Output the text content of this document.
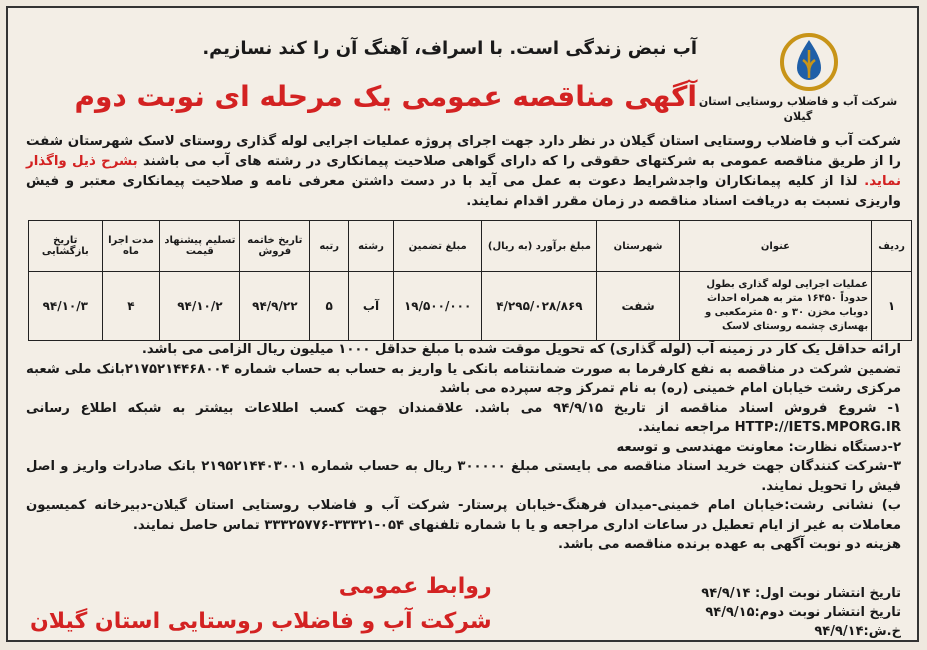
شرکت آب و فاضلاب روستایی استان گیلان
آب نبض زندگی است. با اسراف، آهنگ آن را کند نسازیم.
آگهی مناقصه عمومی یک مرحله ای نوبت دوم
شرکت آب و فاضلاب روستایی استان گیلان در نظر دارد جهت اجرای پروژه عملیات اجرایی لوله گذاری روستای لاسک شهرستان شفت را از طریق مناقصه عمومی به شرکتهای حقوقی را که دارای گواهی صلاحیت پیمانکاری در رشته های آب می باشند بشرح ذیل واگذار نماید. لذا از کلیه پیمانکاران واجدشرایط دعوت به عمل می آید با در دست داشتن معرفی نامه و صلاحیت پیمانکاری معتبر و فیش واریزی نسبت به دریافت اسناد مناقصه در زمان مقرر اقدام نمایند.
ردیف	عنوان	شهرستان	مبلغ برآورد (به ریال)	مبلغ تضمین	رشته	رتبه	تاریخ خاتمه فروش	تسلیم پیشنهاد قیمت	مدت اجرا ماه	تاریخ بازگشایی
۱	عملیات اجرایی لوله گذاری بطول حدوداً ۱۶۴۵۰ متر به همراه احداث دوباب مخزن ۳۰ و ۵۰ مترمکعبی و بهسازی چشمه روستای لاسک	شفت	۴/۲۹۵/۰۲۸/۸۶۹	۱۹/۵۰۰/۰۰۰	آب	۵	۹۴/۹/۲۲	۹۴/۱۰/۲	۴	۹۴/۱۰/۳

ارائه حداقل یک کار در زمینه آب (لوله گذاری) که تحویل موقت شده با مبلغ حداقل ۱۰۰۰ میلیون ریال الزامی می باشد.

تضمین شرکت در مناقصه به نفع کارفرما به صورت ضمانتنامه بانکی یا واریز به حساب به حساب شماره ۲۱۷۵۲۱۴۴۶۸۰۰۴بانک ملی شعبه مرکزی رشت خیابان امام خمینی (ره) به نام تمرکز وجه سپرده می باشد

۱- شروع فروش اسناد مناقصه از تاریخ ۹۴/۹/۱۵ می باشد. علاقمندان جهت کسب اطلاعات بیشتر به شبکه اطلاع رسانی HTTP://IETS.MPORG.IR مراجعه نمایند.

۲-دستگاه نظارت: معاونت مهندسی و توسعه

۳-شرکت کنندگان جهت خرید اسناد مناقصه می بایستی مبلغ ۳۰۰۰۰۰ ریال به حساب شماره ۲۱۹۵۲۱۴۴۰۳۰۰۱ بانک صادرات واریز و اصل فیش را تحویل نمایند.

ب) نشانی رشت:خیابان امام خمینی-میدان فرهنگ-خیابان پرستار- شرکت آب و فاضلاب روستایی استان گیلان-دبیرخانه کمیسیون معاملات به غیر از ایام تعطیل در ساعات اداری مراجعه و یا با شماره تلفنهای ۰۵۴-۳۳۳۲۱-۳۳۳۲۵۷۷۶ تماس حاصل نمایند.

هزینه دو نوبت آگهی به عهده برنده مناقصه می باشد.

تاریخ انتشار نوبت اول: ۹۴/۹/۱۴
تاریخ انتشار نوبت دوم:۹۴/۹/۱۵
خ.ش:۹۴/۹/۱۴
روابط عمومی
شرکت آب و فاضلاب روستایی استان گیلان
